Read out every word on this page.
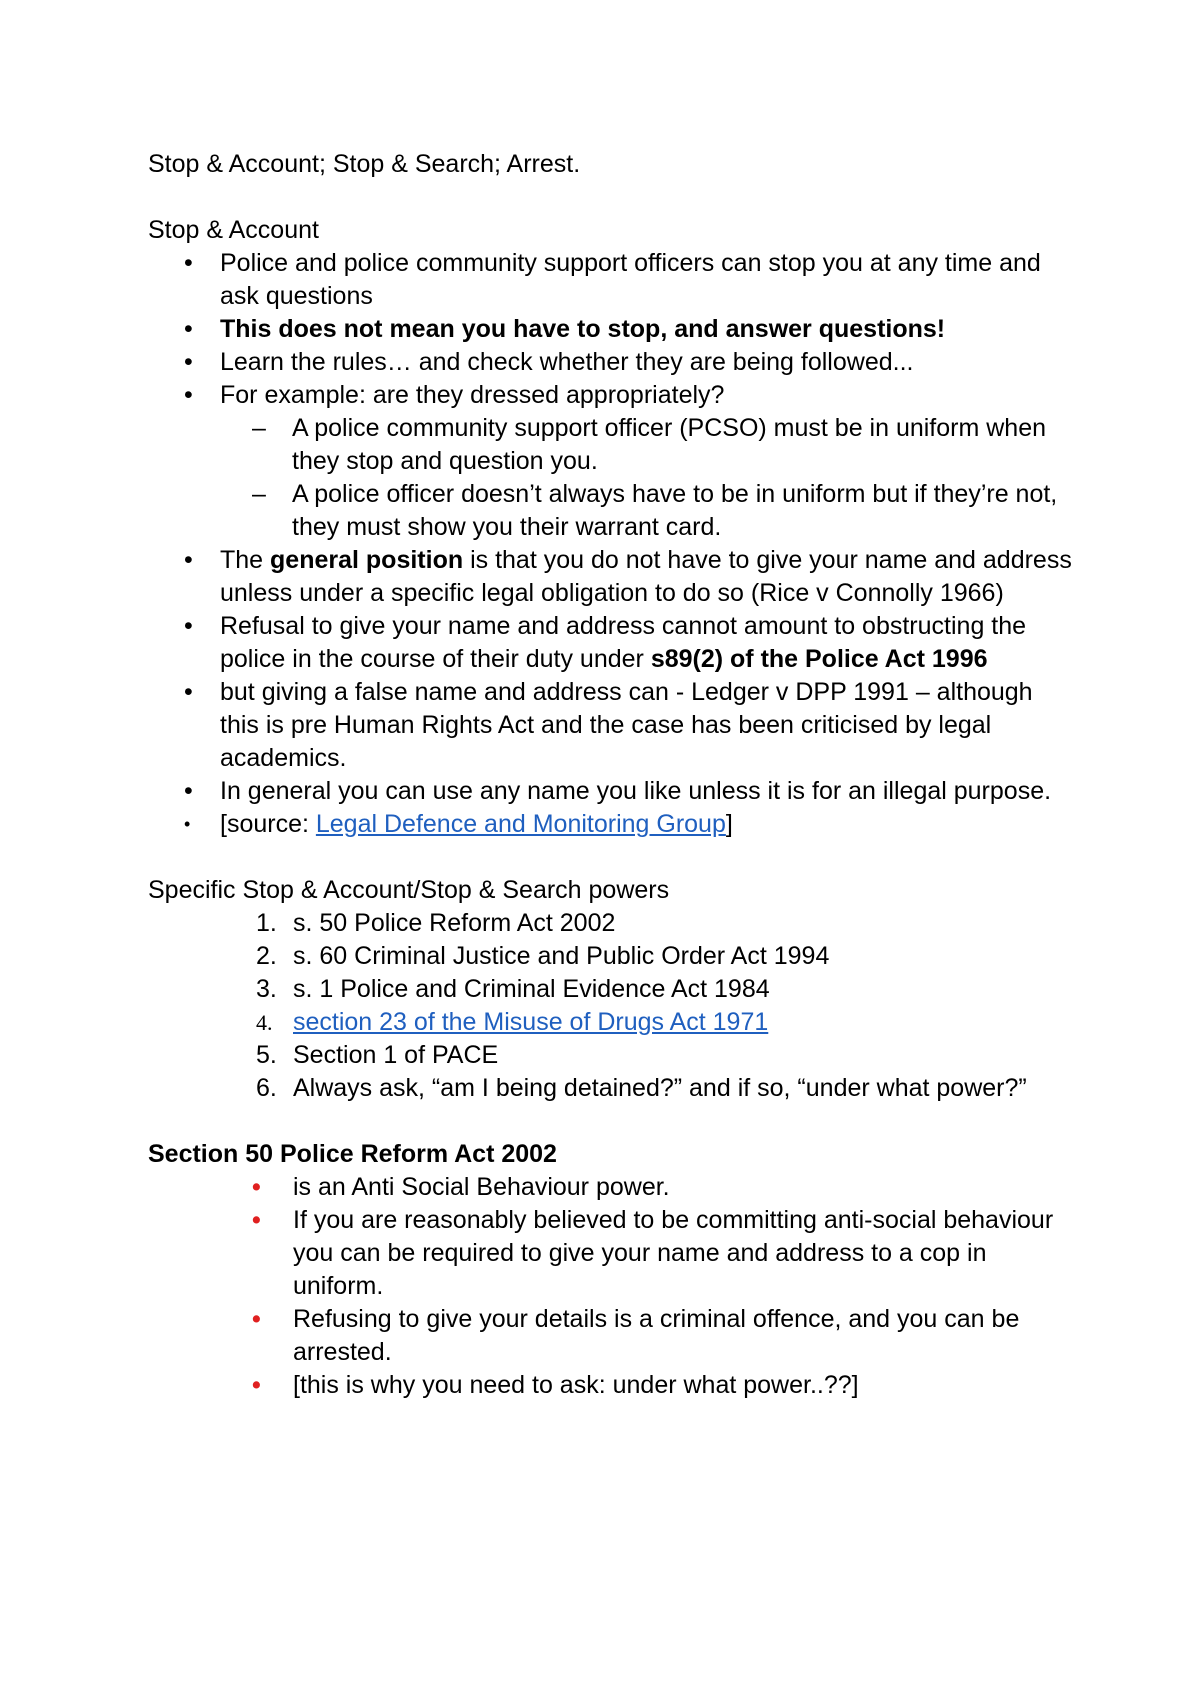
Stop & Account; Stop & Search; Arrest.

Stop & Account

•	Police and police community support officers can stop you at any time and ask questions
•	This does not mean you have to stop, and answer questions!
•	Learn the rules… and check whether they are being followed...
•	For example: are they dressed appropriately?
–	A police community support officer (PCSO) must be in uniform when they stop and question you.
–	A police officer doesn’t always have to be in uniform but if they’re not, they must show you their warrant card.
•	The general position is that you do not have to give your name and address unless under a specific legal obligation to do so (Rice v Connolly 1966)
•	Refusal to give your name and address cannot amount to obstructing the police in the course of their duty under s89(2) of the Police Act 1996
•	but giving a false name and address can - Ledger v DPP 1991 – although this is pre Human Rights Act and the case has been criticised by legal academics.
•	In general you can use any name you like unless it is for an illegal purpose.
•	[source: Legal Defence and Monitoring Group]

Specific Stop & Account/Stop & Search powers

1. s. 50 Police Reform Act 2002
2. s. 60 Criminal Justice and Public Order Act 1994
3. s. 1 Police and Criminal Evidence Act 1984
4. section 23 of the Misuse of Drugs Act 1971
5. Section 1 of PACE
6. Always ask, “am I being detained?” and if so, “under what power?”

Section 50 Police Reform Act 2002

•	is an Anti Social Behaviour power.
•	If you are reasonably believed to be committing anti-social behaviour you can be required to give your name and address to a cop in uniform.
•	Refusing to give your details is a criminal offence, and you can be arrested.
•	[this is why you need to ask: under what power..??]
